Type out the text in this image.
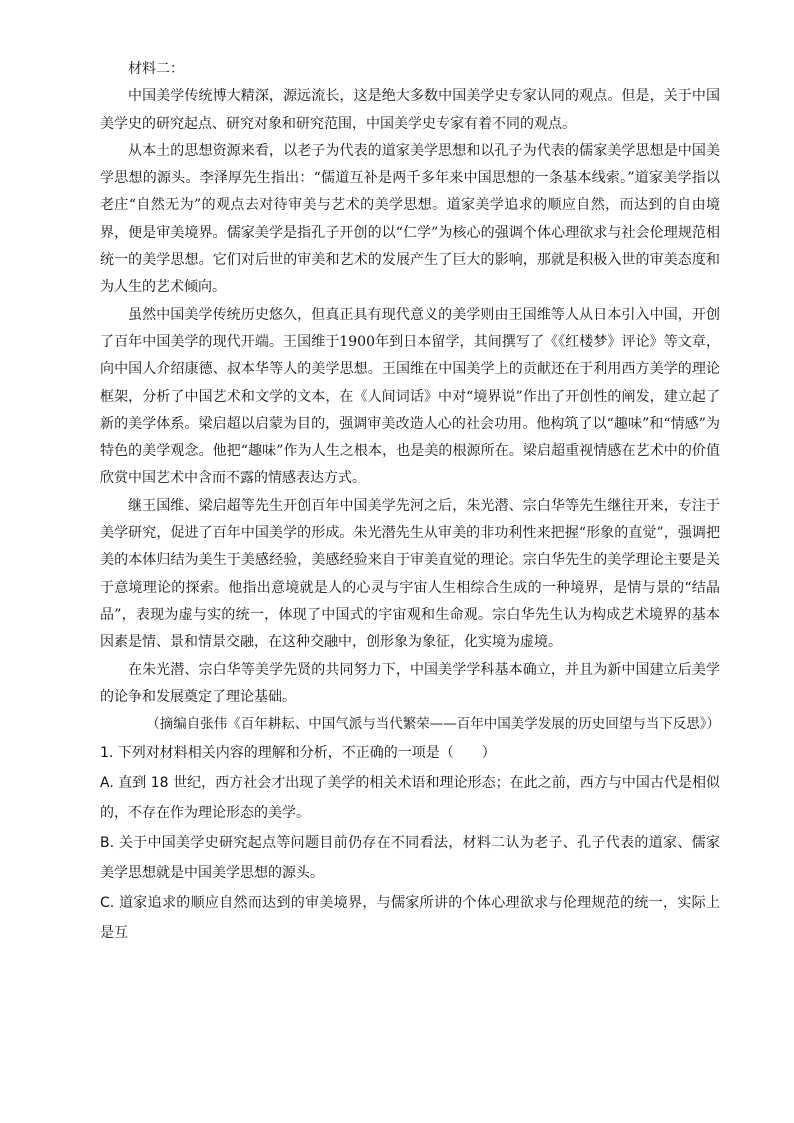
材料二：

中国美学传统博大精深，源远流长，这是绝大多数中国美学史专家认同的观点。但是，关于中国美学史的研究起点、研究对象和研究范围，中国美学史专家有着不同的观点。

从本土的思想资源来看，以老子为代表的道家美学思想和以孔子为代表的儒家美学思想是中国美学思想的源头。李泽厚先生指出：“儒道互补是两千多年来中国思想的一条基本线索。”道家美学指以老庄“自然无为”的观点去对待审美与艺术的美学思想。道家美学追求的顺应自然，而达到的自由境界，便是审美境界。儒家美学是指孔子开创的以“仁学”为核心的强调个体心理欲求与社会伦理规范相统一的美学思想。它们对后世的审美和艺术的发展产生了巨大的影响，那就是积极入世的审美态度和为人生的艺术倾向。

虽然中国美学传统历史悠久，但真正具有现代意义的美学则由王国维等人从日本引入中国，开创了百年中国美学的现代开端。王国维于1900年到日本留学，其间撰写了《《红楼梦》评论》等文章，向中国人介绍康德、叔本华等人的美学思想。王国维在中国美学上的贡献还在于利用西方美学的理论框架，分析了中国艺术和文学的文本，在《人间词话》中对“境界说”作出了开创性的阐发，建立起了新的美学体系。梁启超以启蒙为目的，强调审美改造人心的社会功用。他构筑了以“趣味”和“情感”为特色的美学观念。他把“趣味”作为人生之根本，也是美的根源所在。梁启超重视情感在艺术中的价值欣赏中国艺术中含而不露的情感表达方式。

继王国维、梁启超等先生开创百年中国美学先河之后，朱光潜、宗白华等先生继往开来，专注于美学研究，促进了百年中国美学的形成。朱光潜先生从审美的非功利性来把握“形象的直觉”，强调把美的本体归结为美生于美感经验，美感经验来自于审美直觉的理论。宗白华先生的美学理论主要是关于意境理论的探索。他指出意境就是人的心灵与宇宙人生相综合生成的一种境界，是情与景的“结晶品”，表现为虚与实的统一，体现了中国式的宇宙观和生命观。宗白华先生认为构成艺术境界的基本因素是情、景和情景交融，在这种交融中，创形象为象征，化实境为虚境。

在朱光潜、宗白华等美学先贤的共同努力下，中国美学学科基本确立，并且为新中国建立后美学的论争和发展奠定了理论基础。

（摘编自张伟《百年耕耘、中国气派与当代繁荣——百年中国美学发展的历史回望与当下反思》）

1. 下列对材料相关内容的理解和分析，不正确的一项是（　　）

A. 直到 18 世纪，西方社会才出现了美学的相关术语和理论形态；在此之前，西方与中国古代是相似的，不存在作为理论形态的美学。

B. 关于中国美学史研究起点等问题目前仍存在不同看法，材料二认为老子、孔子代表的道家、儒家美学思想就是中国美学思想的源头。

C. 道家追求的顺应自然而达到的审美境界，与儒家所讲的个体心理欲求与伦理规范的统一，实际上是互
